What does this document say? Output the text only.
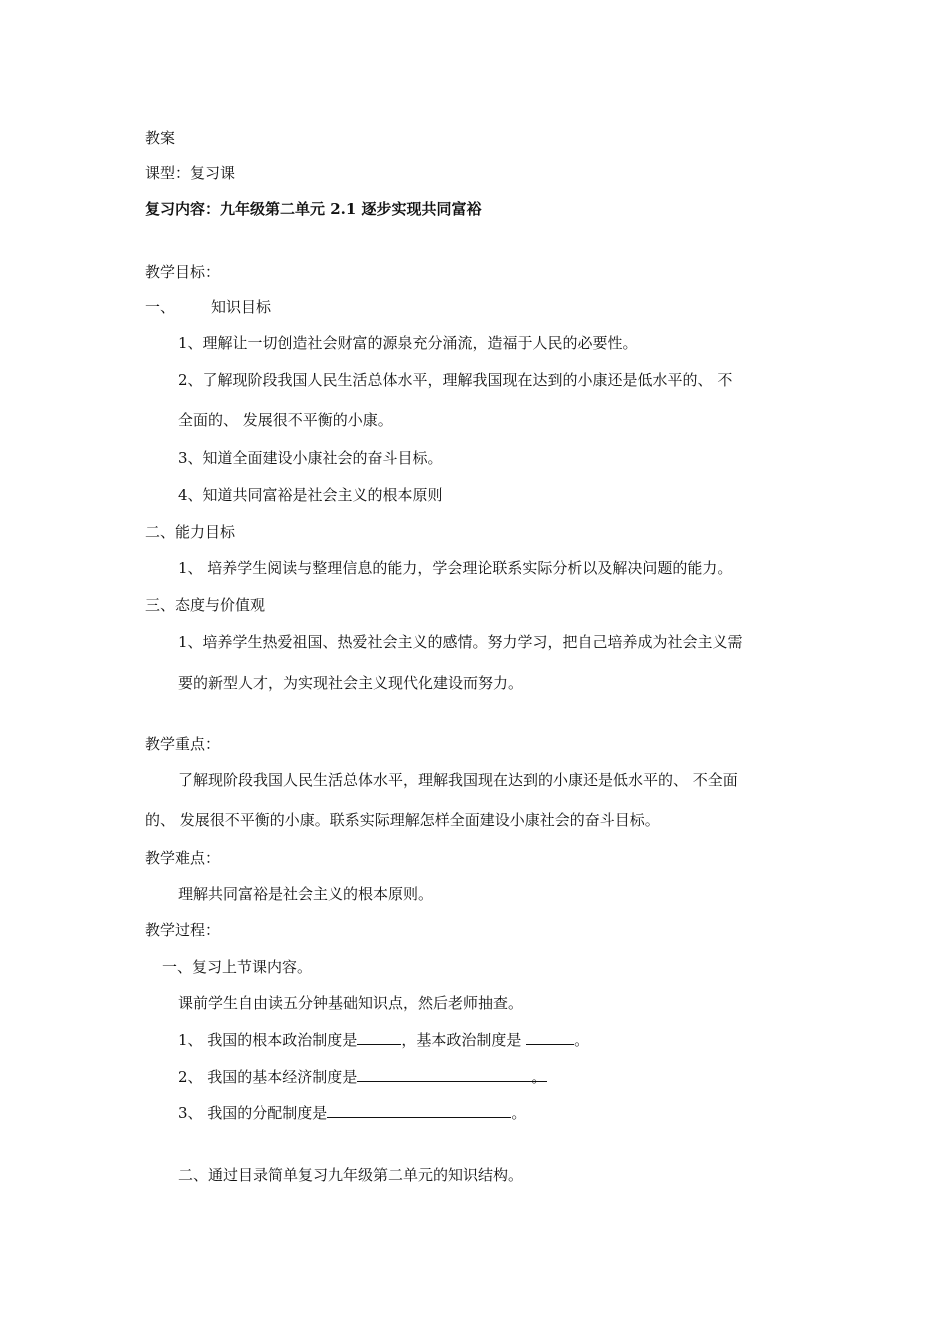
教案
课型：复习课
复习内容：九年级第二单元 2.1 逐步实现共同富裕
教学目标：
一、 知识目标
1、理解让一切创造社会财富的源泉充分涌流，造福于人民的必要性。
2、了解现阶段我国人民生活总体水平，理解我国现在达到的小康还是低水平的、 不
全面的、 发展很不平衡的小康。
3、知道全面建设小康社会的奋斗目标。
4、知道共同富裕是社会主义的根本原则
二、能力目标
1、 培养学生阅读与整理信息的能力，学会理论联系实际分析以及解决问题的能力。
三、态度与价值观
1、培养学生热爱祖国、热爱社会主义的感情。努力学习，把自己培养成为社会主义需
要的新型人才，为实现社会主义现代化建设而努力。
教学重点：
了解现阶段我国人民生活总体水平，理解我国现在达到的小康还是低水平的、 不全面
的、 发展很不平衡的小康。联系实际理解怎样全面建设小康社会的奋斗目标。
教学难点：
理解共同富裕是社会主义的根本原则。
教学过程：
一、复习上节课内容。
课前学生自由读五分钟基础知识点，然后老师抽查。
1、 我国的根本政治制度是	，基本政治制度是	。
2、 我国的基本经济制度是	。
3、 我国的分配制度是	。
二、通过目录简单复习九年级第二单元的知识结构。
